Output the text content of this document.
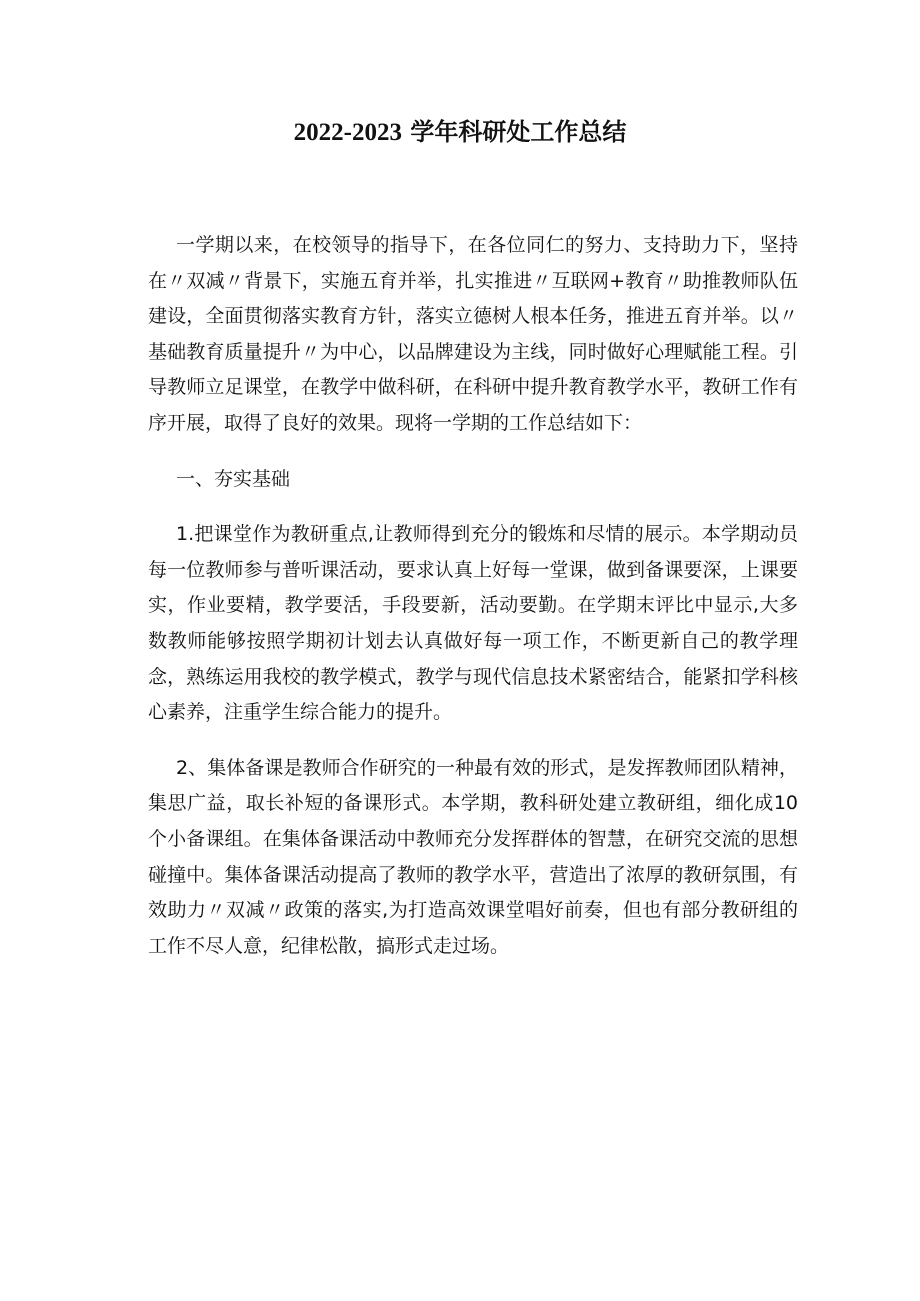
2022-2023 学年科研处工作总结

一学期以来，在校领导的指导下，在各位同仁的努力、支持助力下，坚持在〃双减〃背景下，实施五育并举，扎实推进〃互联网+教育〃助推教师队伍建设，全面贯彻落实教育方针，落实立德树人根本任务，推进五育并举。以〃基础教育质量提升〃为中心，以品牌建设为主线，同时做好心理赋能工程。引导教师立足课堂，在教学中做科研，在科研中提升教育教学水平，教研工作有序开展，取得了良好的效果。现将一学期的工作总结如下：

一、夯实基础

1.把课堂作为教研重点,让教师得到充分的锻炼和尽情的展示。本学期动员每一位教师参与普听课活动，要求认真上好每一堂课，做到备课要深，上课要实，作业要精，教学要活，手段要新，活动要勤。在学期末评比中显示,大多数教师能够按照学期初计划去认真做好每一项工作，不断更新自己的教学理念，熟练运用我校的教学模式，教学与现代信息技术紧密结合，能紧扣学科核心素养，注重学生综合能力的提升。

2、集体备课是教师合作研究的一种最有效的形式，是发挥教师团队精神，集思广益，取长补短的备课形式。本学期，教科研处建立教研组，细化成10个小备课组。在集体备课活动中教师充分发挥群体的智慧，在研究交流的思想碰撞中。集体备课活动提高了教师的教学水平，营造出了浓厚的教研氛围，有效助力〃双减〃政策的落实,为打造高效课堂唱好前奏，但也有部分教研组的工作不尽人意，纪律松散，搞形式走过场。
